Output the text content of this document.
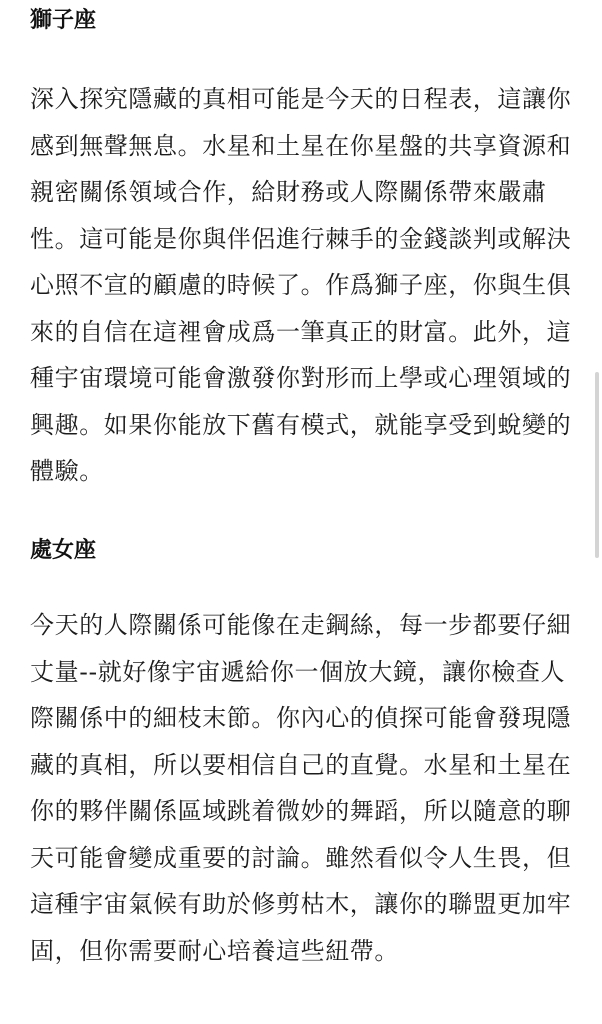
獅子座

深入探究隱藏的真相可能是今天的日程表，這讓你感到無聲無息。水星和土星在你星盤的共享資源和親密關係領域合作，給財務或人際關係帶來嚴肅性。這可能是你與伴侶進行棘手的金錢談判或解決心照不宣的顧慮的時候了。作爲獅子座，你與生俱來的自信在這裡會成爲一筆真正的財富。此外，這種宇宙環境可能會激發你對形而上學或心理領域的興趣。如果你能放下舊有模式，就能享受到蛻變的體驗。

處女座

今天的人際關係可能像在走鋼絲，每一步都要仔細丈量--就好像宇宙遞給你一個放大鏡，讓你檢查人際關係中的細枝末節。你內心的偵探可能會發現隱藏的真相，所以要相信自己的直覺。水星和土星在你的夥伴關係區域跳着微妙的舞蹈，所以隨意的聊天可能會變成重要的討論。雖然看似令人生畏，但這種宇宙氣候有助於修剪枯木，讓你的聯盟更加牢固，但你需要耐心培養這些紐帶。
